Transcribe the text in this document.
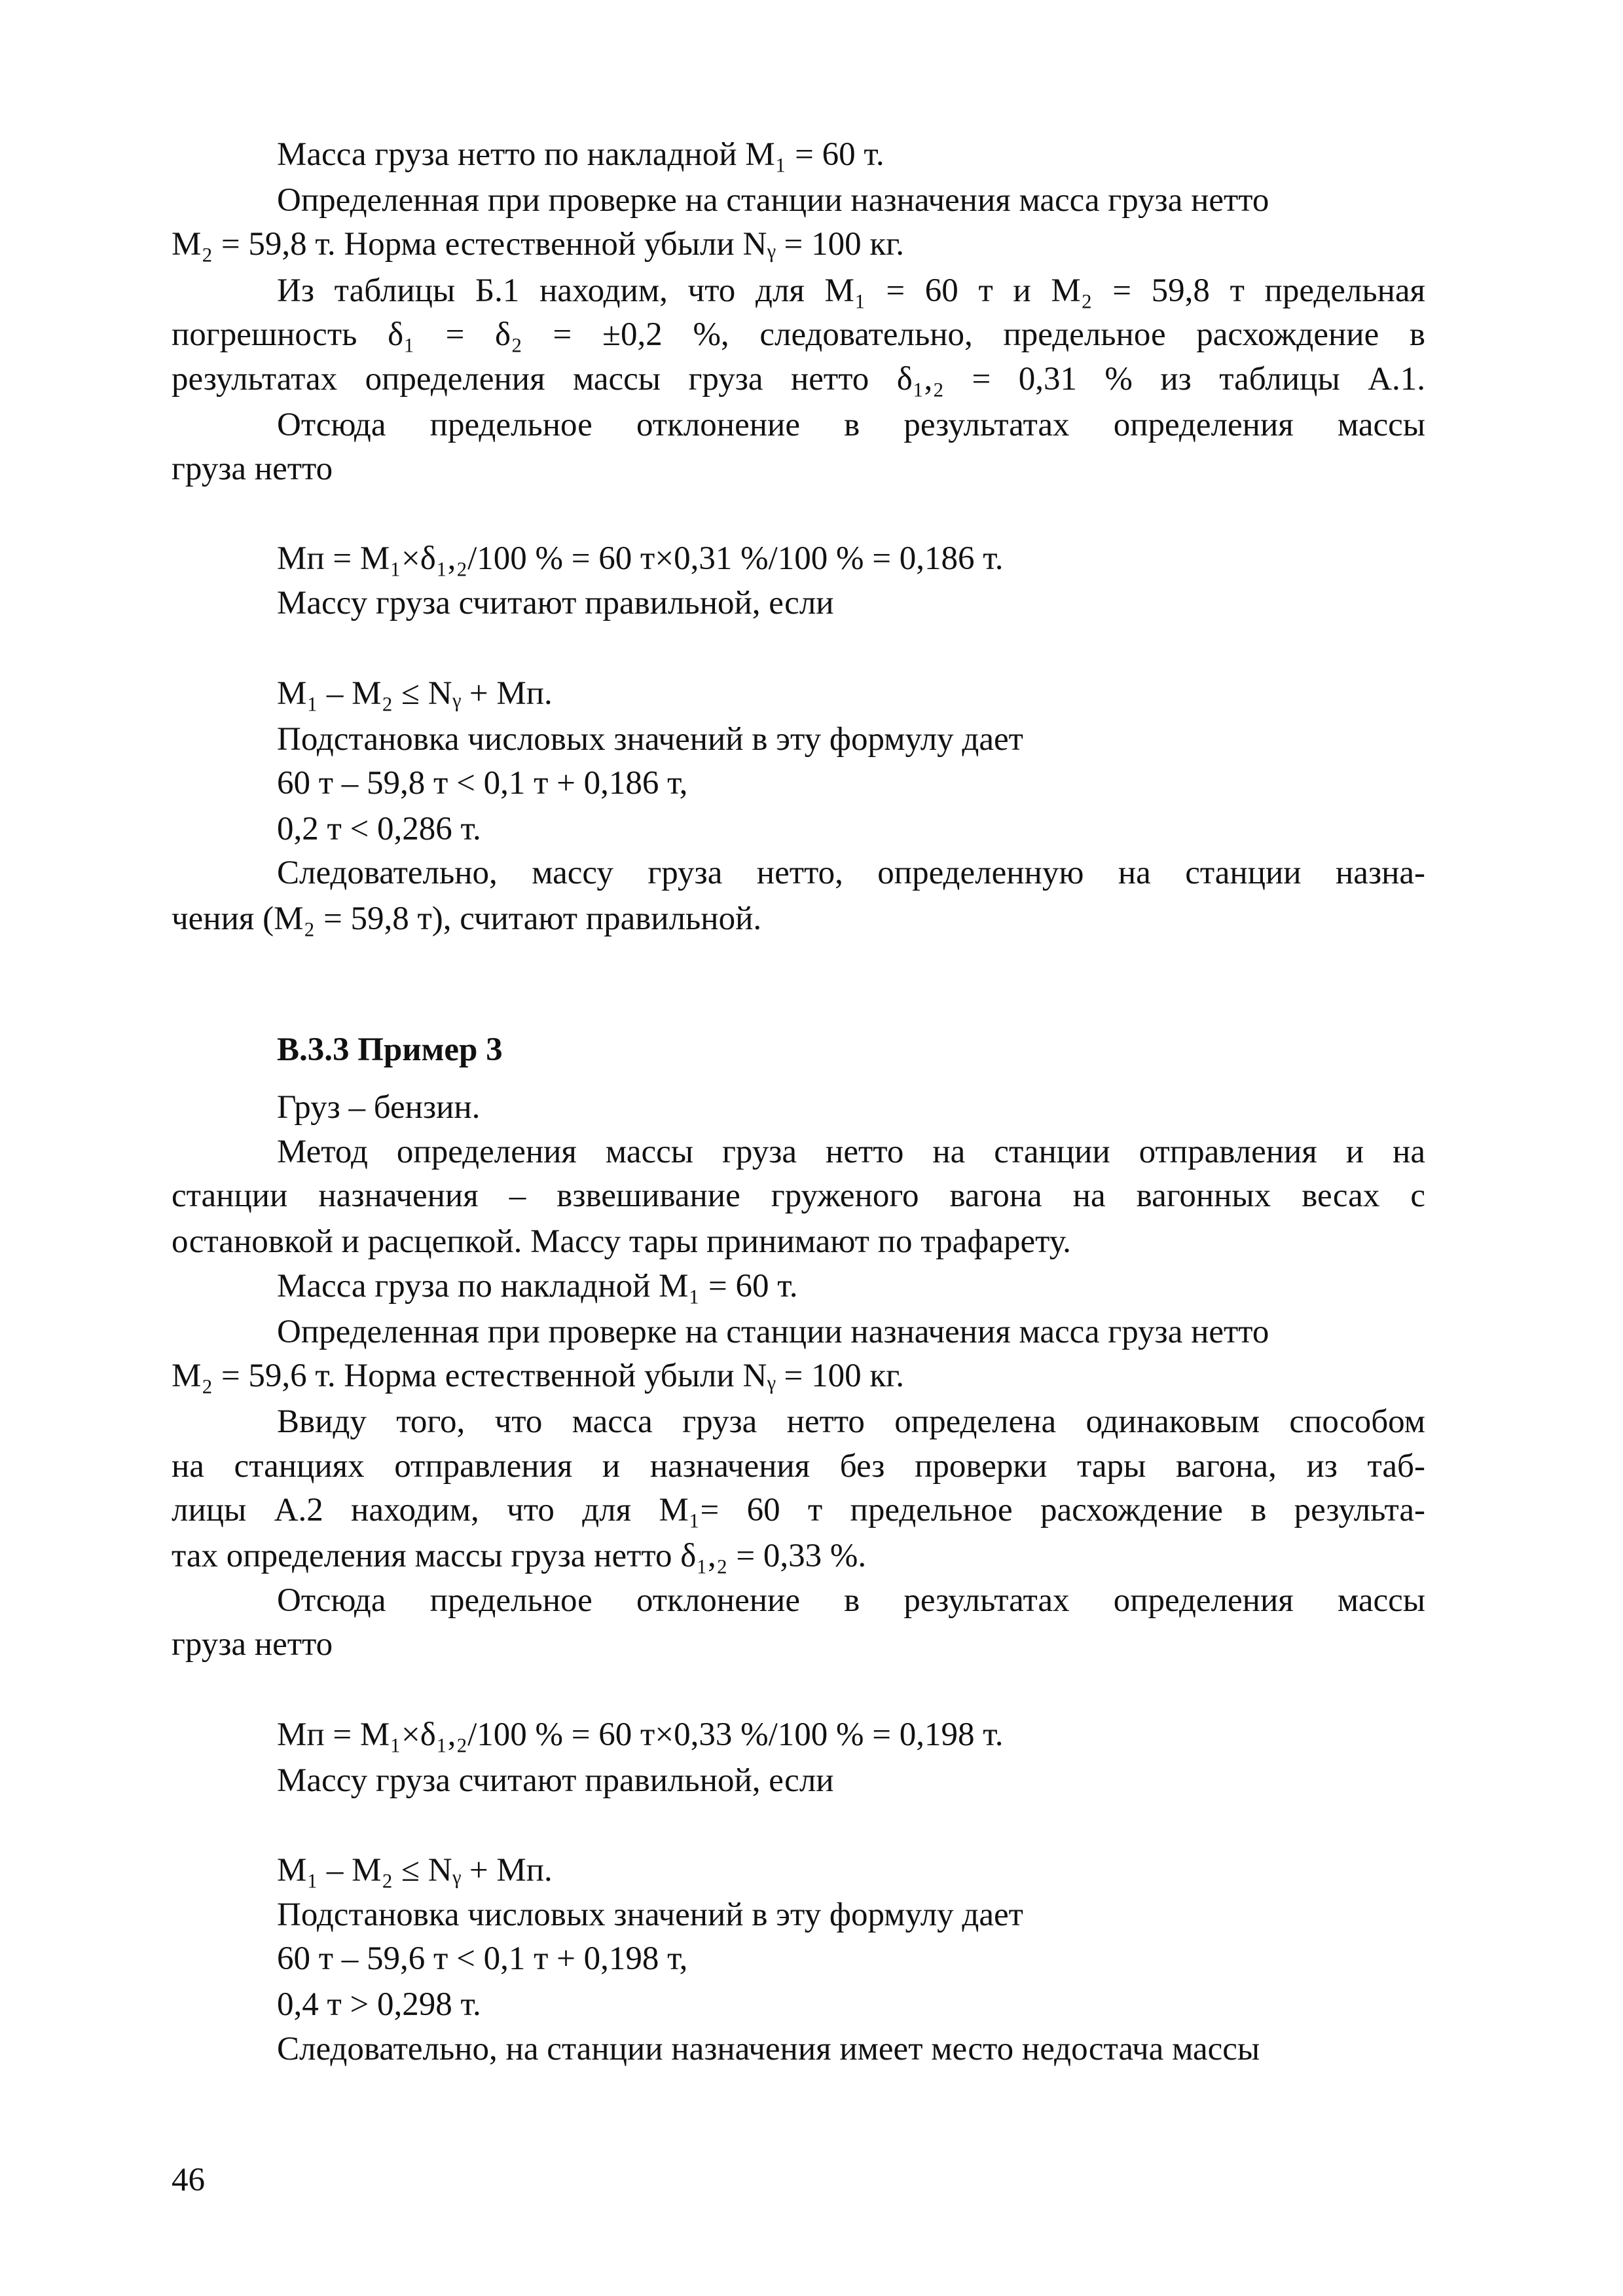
Масса груза нетто по накладной M₁ = 60 т.
Определенная при проверке на станции назначения масса груза нетто
M₂ = 59,8 т. Норма естественной убыли Nᵧ = 100 кг.
Из таблицы Б.1 находим, что для M₁ = 60 т и M₂ = 59,8 т предельная
погрешность δ₁ = δ₂ = ±0,2 %, следовательно, предельное расхождение в
результатах определения массы груза нетто δ₁,₂ = 0,31 % из таблицы А.1.
Отсюда предельное отклонение в результатах определения массы
груза нетто
Mп = M₁×δ₁,₂/100 % = 60 т×0,31 %/100 % = 0,186 т.
Массу груза считают правильной, если
M₁ – M₂ ≤ Nᵧ + Mп.
Подстановка числовых значений в эту формулу дает
60 т – 59,8 т < 0,1 т + 0,186 т,
0,2 т < 0,286 т.
Следовательно, массу груза нетто, определенную на станции назна-
чения (M₂ = 59,8 т), считают правильной.
В.3.3 Пример 3
Груз – бензин.
Метод определения массы груза нетто на станции отправления и на
станции назначения – взвешивание груженого вагона на вагонных весах с
остановкой и расцепкой. Массу тары принимают по трафарету.
Масса груза по накладной M₁ = 60 т.
Определенная при проверке на станции назначения масса груза нетто
M₂ = 59,6 т. Норма естественной убыли Nᵧ = 100 кг.
Ввиду того, что масса груза нетто определена одинаковым способом
на станциях отправления и назначения без проверки тары вагона, из таб-
лицы А.2 находим, что для M₁= 60 т предельное расхождение в результа-
тах определения массы груза нетто δ₁,₂ = 0,33 %.
Отсюда предельное отклонение в результатах определения массы
груза нетто
Mп = M₁×δ₁,₂/100 % = 60 т×0,33 %/100 % = 0,198 т.
Массу груза считают правильной, если
M₁ – M₂ ≤ Nᵧ + Mп.
Подстановка числовых значений в эту формулу дает
60 т – 59,6 т < 0,1 т + 0,198 т,
0,4 т > 0,298 т.
Следовательно, на станции назначения имеет место недостача массы
46
